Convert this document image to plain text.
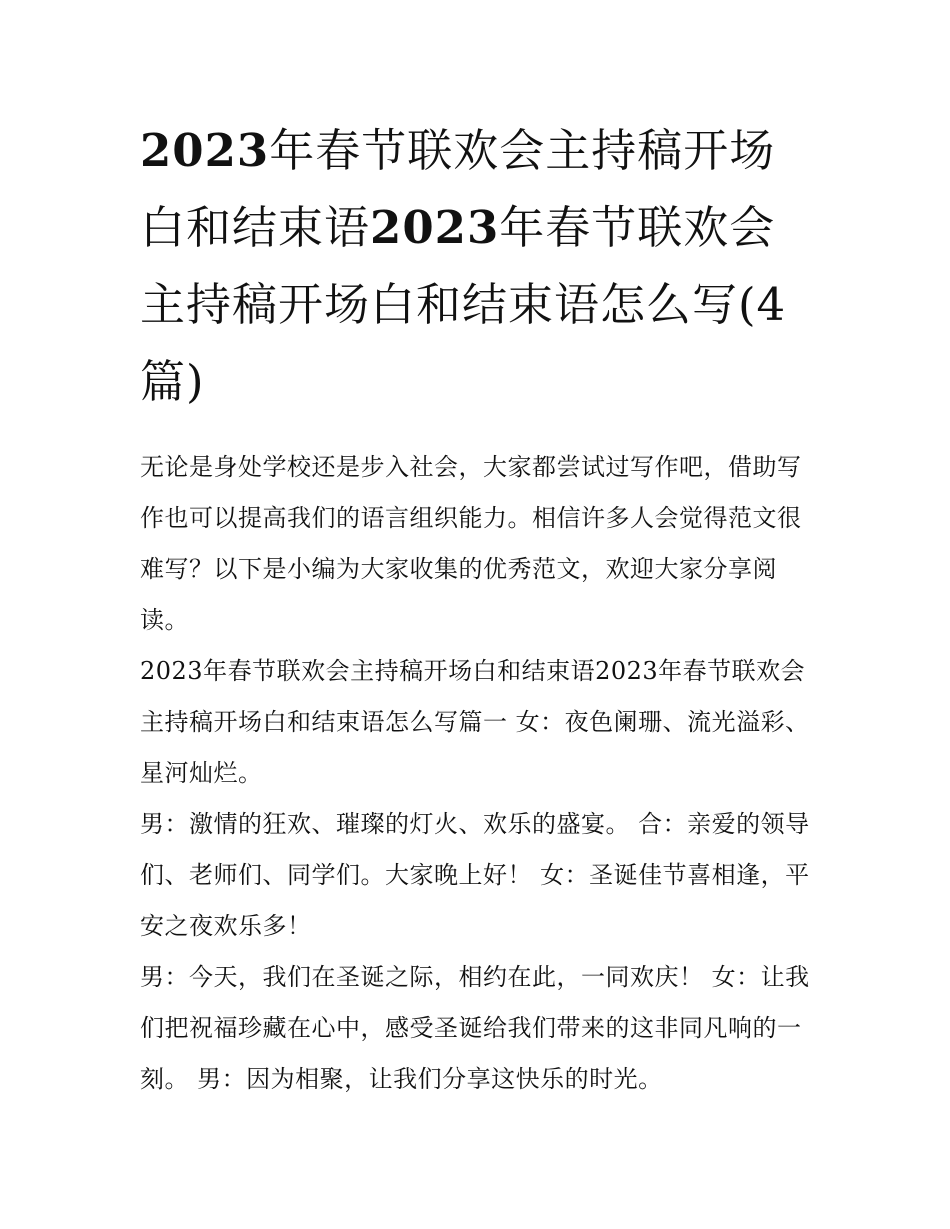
2023年春节联欢会主持稿开场白和结束语2023年春节联欢会主持稿开场白和结束语怎么写(4篇)

无论是身处学校还是步入社会，大家都尝试过写作吧，借助写作也可以提高我们的语言组织能力。相信许多人会觉得范文很难写？以下是小编为大家收集的优秀范文，欢迎大家分享阅读。

2023年春节联欢会主持稿开场白和结束语2023年春节联欢会主持稿开场白和结束语怎么写篇一 女：夜色阑珊、流光溢彩、星河灿烂。

男：激情的狂欢、璀璨的灯火、欢乐的盛宴。 合：亲爱的领导们、老师们、同学们。大家晚上好！ 女：圣诞佳节喜相逢，平安之夜欢乐多！

男：今天，我们在圣诞之际，相约在此，一同欢庆！ 女：让我们把祝福珍藏在心中，感受圣诞给我们带来的这非同凡响的一刻。 男：因为相聚，让我们分享这快乐的时光。
